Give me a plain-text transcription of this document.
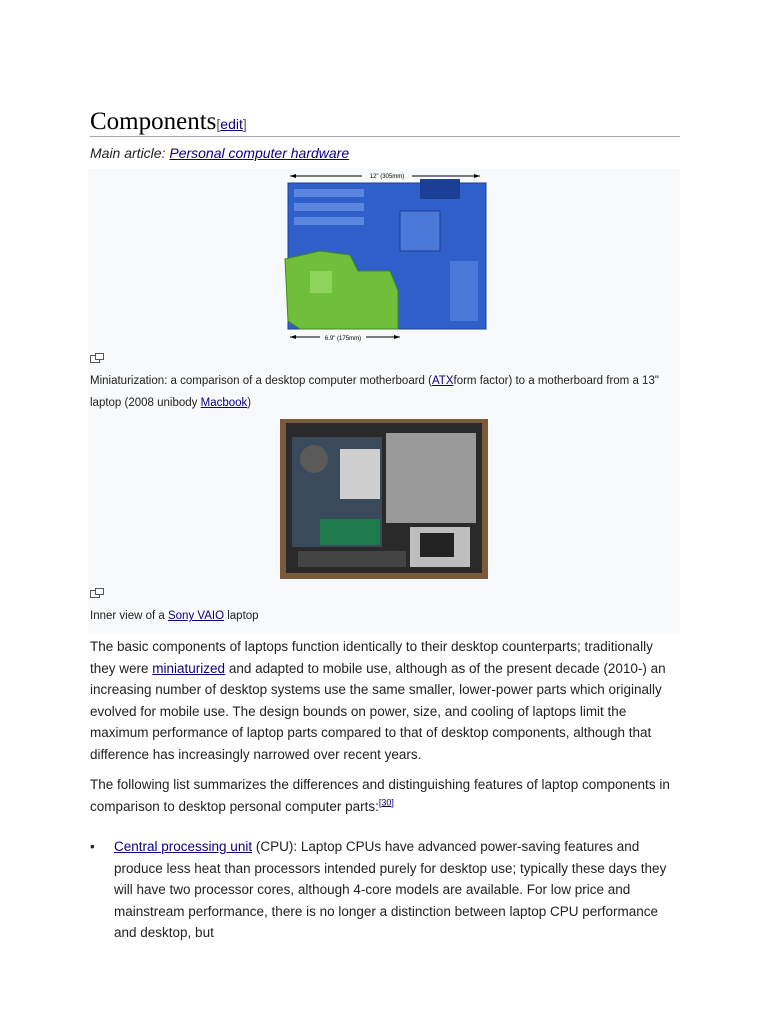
Components[edit]
Main article: Personal computer hardware
12" (305mm)
6.9" (175mm)
Miniaturization: a comparison of a desktop computer motherboard (ATXform factor) to a motherboard from a 13" laptop (2008 unibody Macbook)
Inner view of a Sony VAIO laptop
The basic components of laptops function identically to their desktop counterparts; traditionally they were miniaturized and adapted to mobile use, although as of the present decade (2010-) an increasing number of desktop systems use the same smaller, lower-power parts which originally evolved for mobile use. The design bounds on power, size, and cooling of laptops limit the maximum performance of laptop parts compared to that of desktop components, although that difference has increasingly narrowed over recent years.
The following list summarizes the differences and distinguishing features of laptop components in comparison to desktop personal computer parts:[30]
• Central processing unit (CPU): Laptop CPUs have advanced power-saving features and produce less heat than processors intended purely for desktop use; typically these days they will have two processor cores, although 4-core models are available. For low price and mainstream performance, there is no longer a distinction between laptop CPU performance and desktop, but
